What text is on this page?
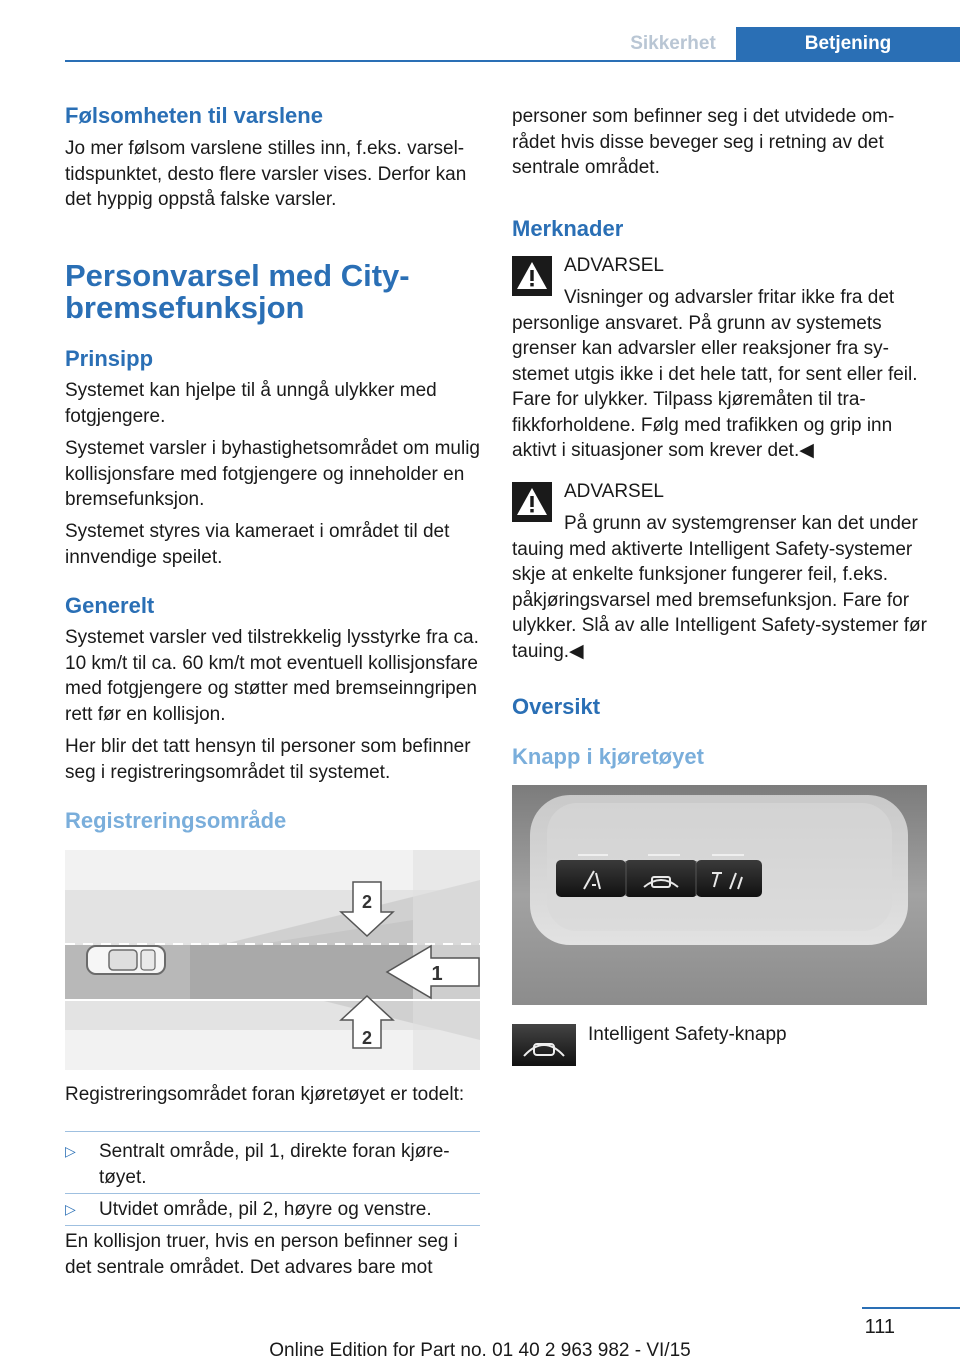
Sikkerhet	Betjening
Følsomheten til varslene

Jo mer følsom varslene stilles inn, f.eks. varseltidspunktet, desto flere varsler vises. Derfor kan det hyppig oppstå falske varsler.

Personvarsel med City-
bremsefunksjon
Prinsipp

Systemet kan hjelpe til å unngå ulykker med fotgjengere.

Systemet varsler i byhastighetsområdet om mulig kollisjonsfare med fotgjengere og inneholder en bremsefunksjon.

Systemet styres via kameraet i området til det innvendige speilet.

Generelt

Systemet varsler ved tilstrekkelig lysstyrke fra ca. 10 km/t til ca. 60 km/t mot eventuell kollisjonsfare med fotgjengere og støtter med bremseinngripen rett før en kollisjon.

Her blir det tatt hensyn til personer som befinner seg i registreringsområdet til systemet.

Registreringsområde
2
1
2

Registreringsområdet foran kjøretøyet er todelt:

▷ Sentralt område, pil 1, direkte foran kjøretøyet.
▷ Utvidet område, pil 2, høyre og venstre.

En kollisjon truer, hvis en person befinner seg i det sentrale området. Det advares bare mot

personer som befinner seg i det utvidede området hvis disse beveger seg i retning av det sentrale området.

Merknader
ADVARSEL
Visninger og advarsler fritar ikke fra det personlige ansvaret. På grunn av systemets grenser kan advarsler eller reaksjoner fra systemet utgis ikke i det hele tatt, for sent eller feil. Fare for ulykker. Tilpass kjøremåten til trafikkforholdene. Følg med trafikken og grip inn aktivt i situasjoner som krever det.◀
ADVARSEL
På grunn av systemgrenser kan det under tauing med aktiverte Intelligent Safety-systemer skje at enkelte funksjoner fungerer feil, f.eks. påkjøringsvarsel med bremsefunksjon. Fare for ulykker. Slå av alle Intelligent Safety-systemer før tauing.◀
Oversikt
Knapp i kjøretøyet
Intelligent Safety-knapp
111
Online Edition for Part no. 01 40 2 963 982 - VI/15
